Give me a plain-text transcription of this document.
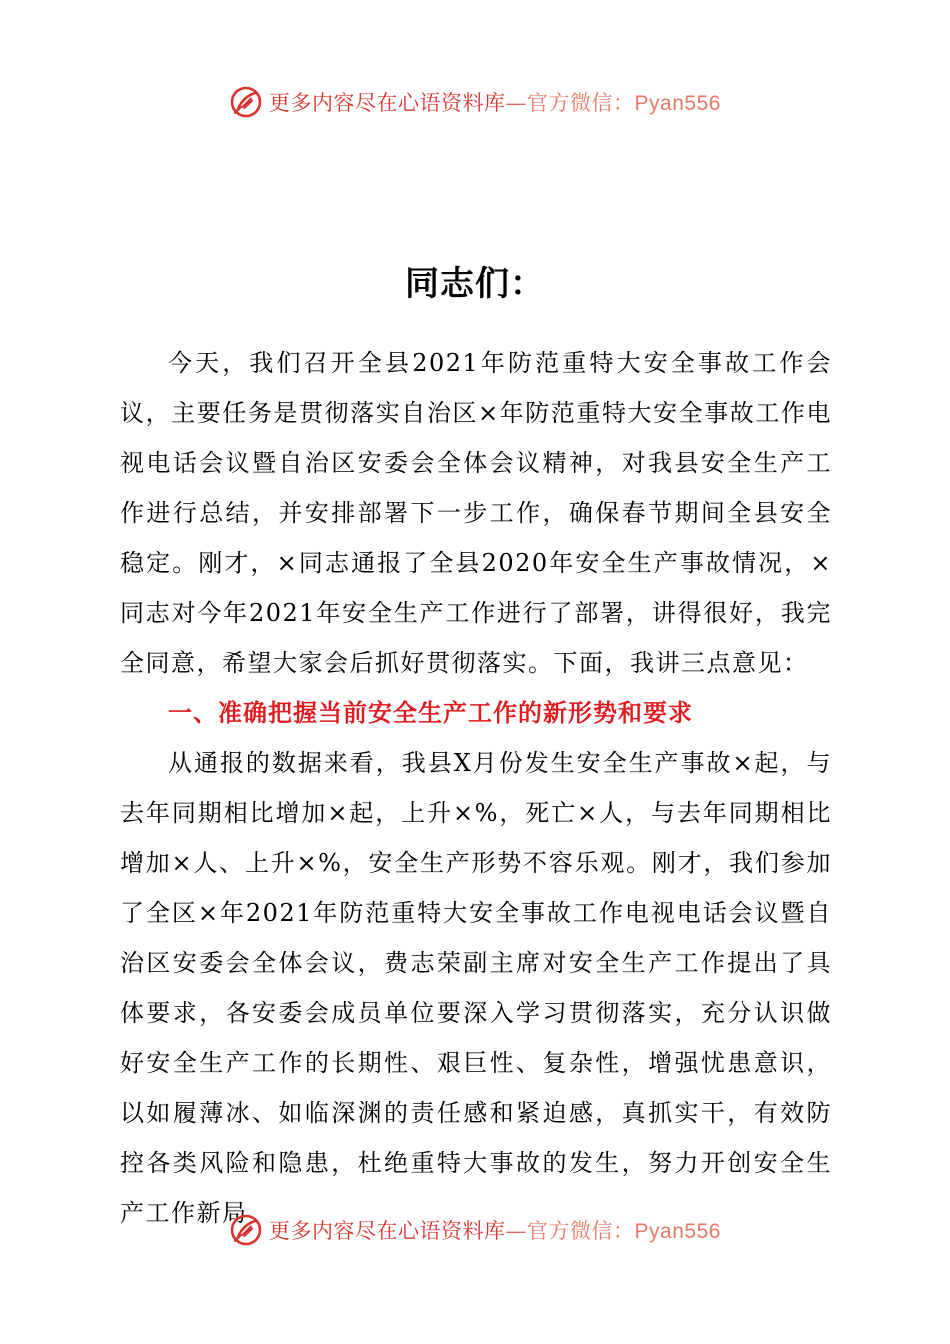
更多内容尽在心语资料库—官方微信：Pyan556
同志们：

今天，我们召开全县2021年防范重特大安全事故工作会议，主要任务是贯彻落实自治区×年防范重特大安全事故工作电视电话会议暨自治区安委会全体会议精神，对我县安全生产工作进行总结，并安排部署下一步工作，确保春节期间全县安全稳定。刚才，×同志通报了全县2020年安全生产事故情况，×同志对今年2021年安全生产工作进行了部署，讲得很好，我完全同意，希望大家会后抓好贯彻落实。下面，我讲三点意见：

一、准确把握当前安全生产工作的新形势和要求

从通报的数据来看，我县X月份发生安全生产事故×起，与去年同期相比增加×起，上升×%，死亡×人，与去年同期相比增加×人、上升×%，安全生产形势不容乐观。刚才，我们参加了全区×年2021年防范重特大安全事故工作电视电话会议暨自治区安委会全体会议，费志荣副主席对安全生产工作提出了具体要求，各安委会成员单位要深入学习贯彻落实，充分认识做好安全生产工作的长期性、艰巨性、复杂性，增强忧患意识，以如履薄冰、如临深渊的责任感和紧迫感，真抓实干，有效防控各类风险和隐患，杜绝重特大事故的发生，努力开创安全生产工作新局

更多内容尽在心语资料库—官方微信：Pyan556
